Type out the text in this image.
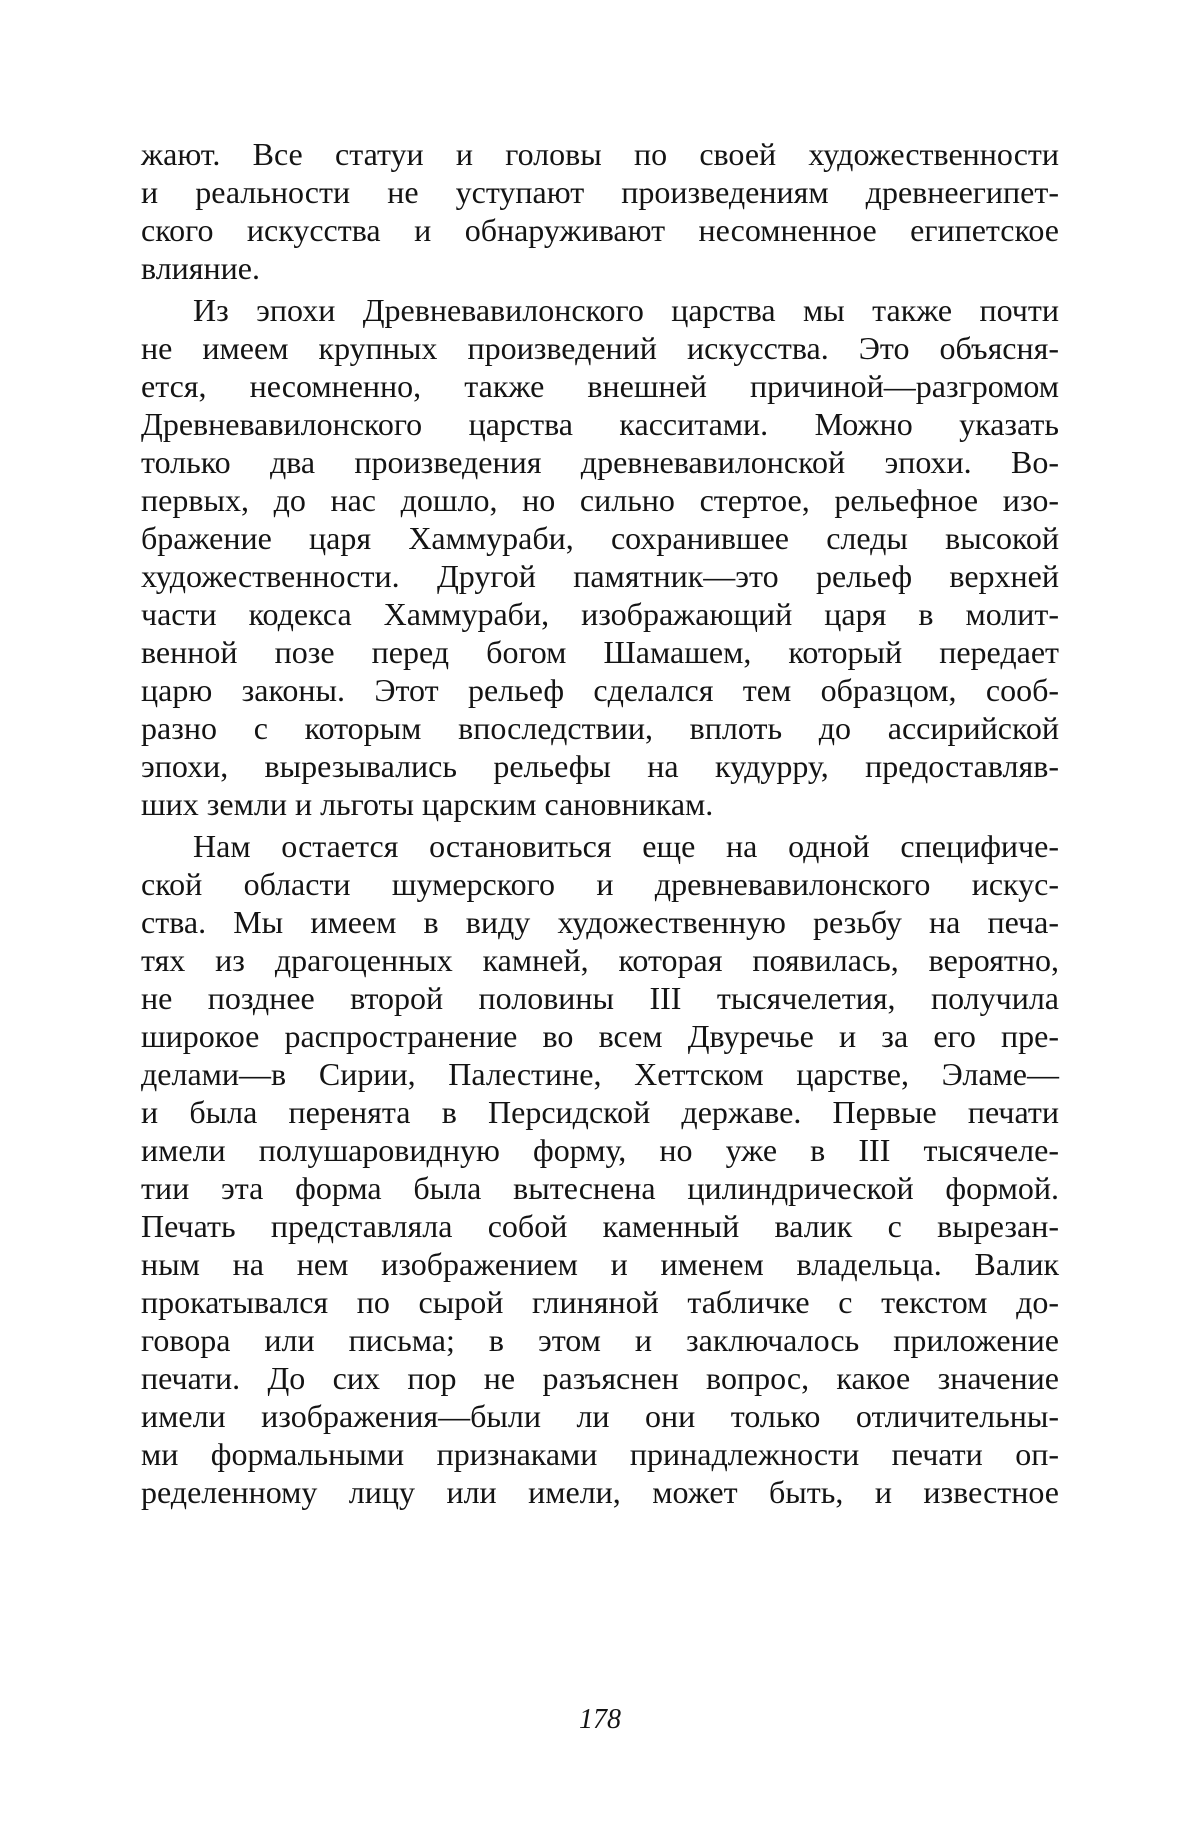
жают. Все статуи и головы по своей художественности
и реальности не уступают произведениям древнеегипет-
ского искусства и обнаруживают несомненное египетское
влияние.
Из эпохи Древневавилонского царства мы также почти
не имеем крупных произведений искусства. Это объясня-
ется, несомненно, также внешней причиной—разгромом
Древневавилонского царства касситами. Можно указать
только два произведения древневавилонской эпохи. Во-
первых, до нас дошло, но сильно стертое, рельефное изо-
бражение царя Хаммураби, сохранившее следы высокой
художественности. Другой памятник—это рельеф верхней
части кодекса Хаммураби, изображающий царя в молит-
венной позе перед богом Шамашем, который передает
царю законы. Этот рельеф сделался тем образцом, сооб-
разно с которым впоследствии, вплоть до ассирийской
эпохи, вырезывались рельефы на кудурру, предоставляв-
ших земли и льготы царским сановникам.
Нам остается остановиться еще на одной специфиче-
ской области шумерского и древневавилонского искус-
ства. Мы имеем в виду художественную резьбу на печа-
тях из драгоценных камней, которая появилась, вероятно,
не позднее второй половины III тысячелетия, получила
широкое распространение во всем Двуречье и за его пре-
делами—в Сирии, Палестине, Хеттском царстве, Эламе—
и была перенята в Персидской державе. Первые печати
имели полушаровидную форму, но уже в III тысячеле-
тии эта форма была вытеснена цилиндрической формой.
Печать представляла собой каменный валик с вырезан-
ным на нем изображением и именем владельца. Валик
прокатывался по сырой глиняной табличке с текстом до-
говора или письма; в этом и заключалось приложение
печати. До сих пор не разъяснен вопрос, какое значение
имели изображения—были ли они только отличительны-
ми формальными признаками принадлежности печати оп-
ределенному лицу или имели, может быть, и известное
178
